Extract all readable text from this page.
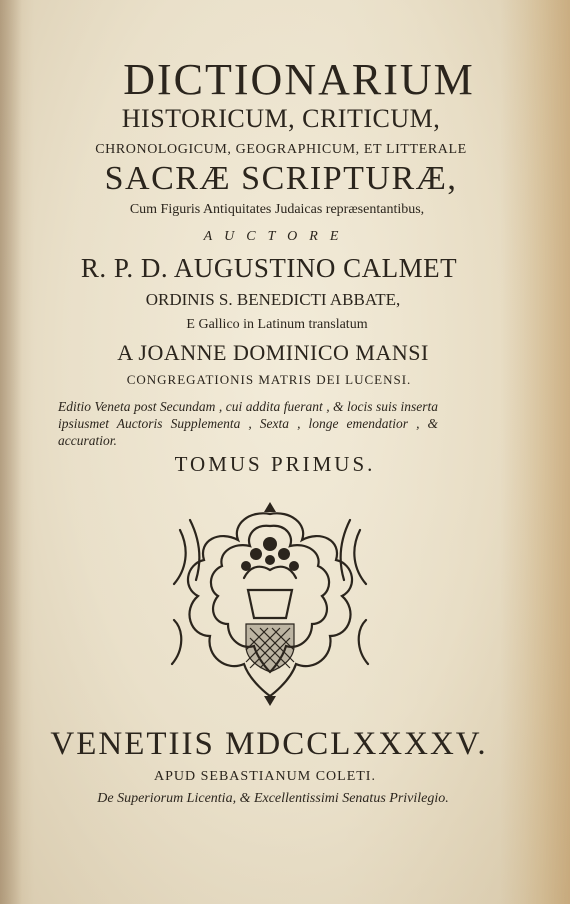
DICTIONARIUM
HISTORICUM, CRITICUM,
CHRONOLOGICUM, GEOGRAPHICUM, ET LITTERALE
SACRÆ SCRIPTURÆ,
Cum Figuris Antiquitates Judaicas repræsentantibus,
AUCTORE
R. P. D. AUGUSTINO CALMET
ORDINIS S. BENEDICTI ABBATE,
E Gallico in Latinum translatum
A JOANNE DOMINICO MANSI
CONGREGATIONIS MATRIS DEI LUCENSI.
Editio Veneta post Secundam , cui addita fuerant , & locis suis inserta ipsiusmet Auctoris Supplementa , Sexta , longe emendatior , & accuratior.
TOMUS PRIMUS.
VENETIIS MDCCLXXXXV.
APUD SEBASTIANUM COLETI.
De Superiorum Licentia, & Excellentissimi Senatus Privilegio.
